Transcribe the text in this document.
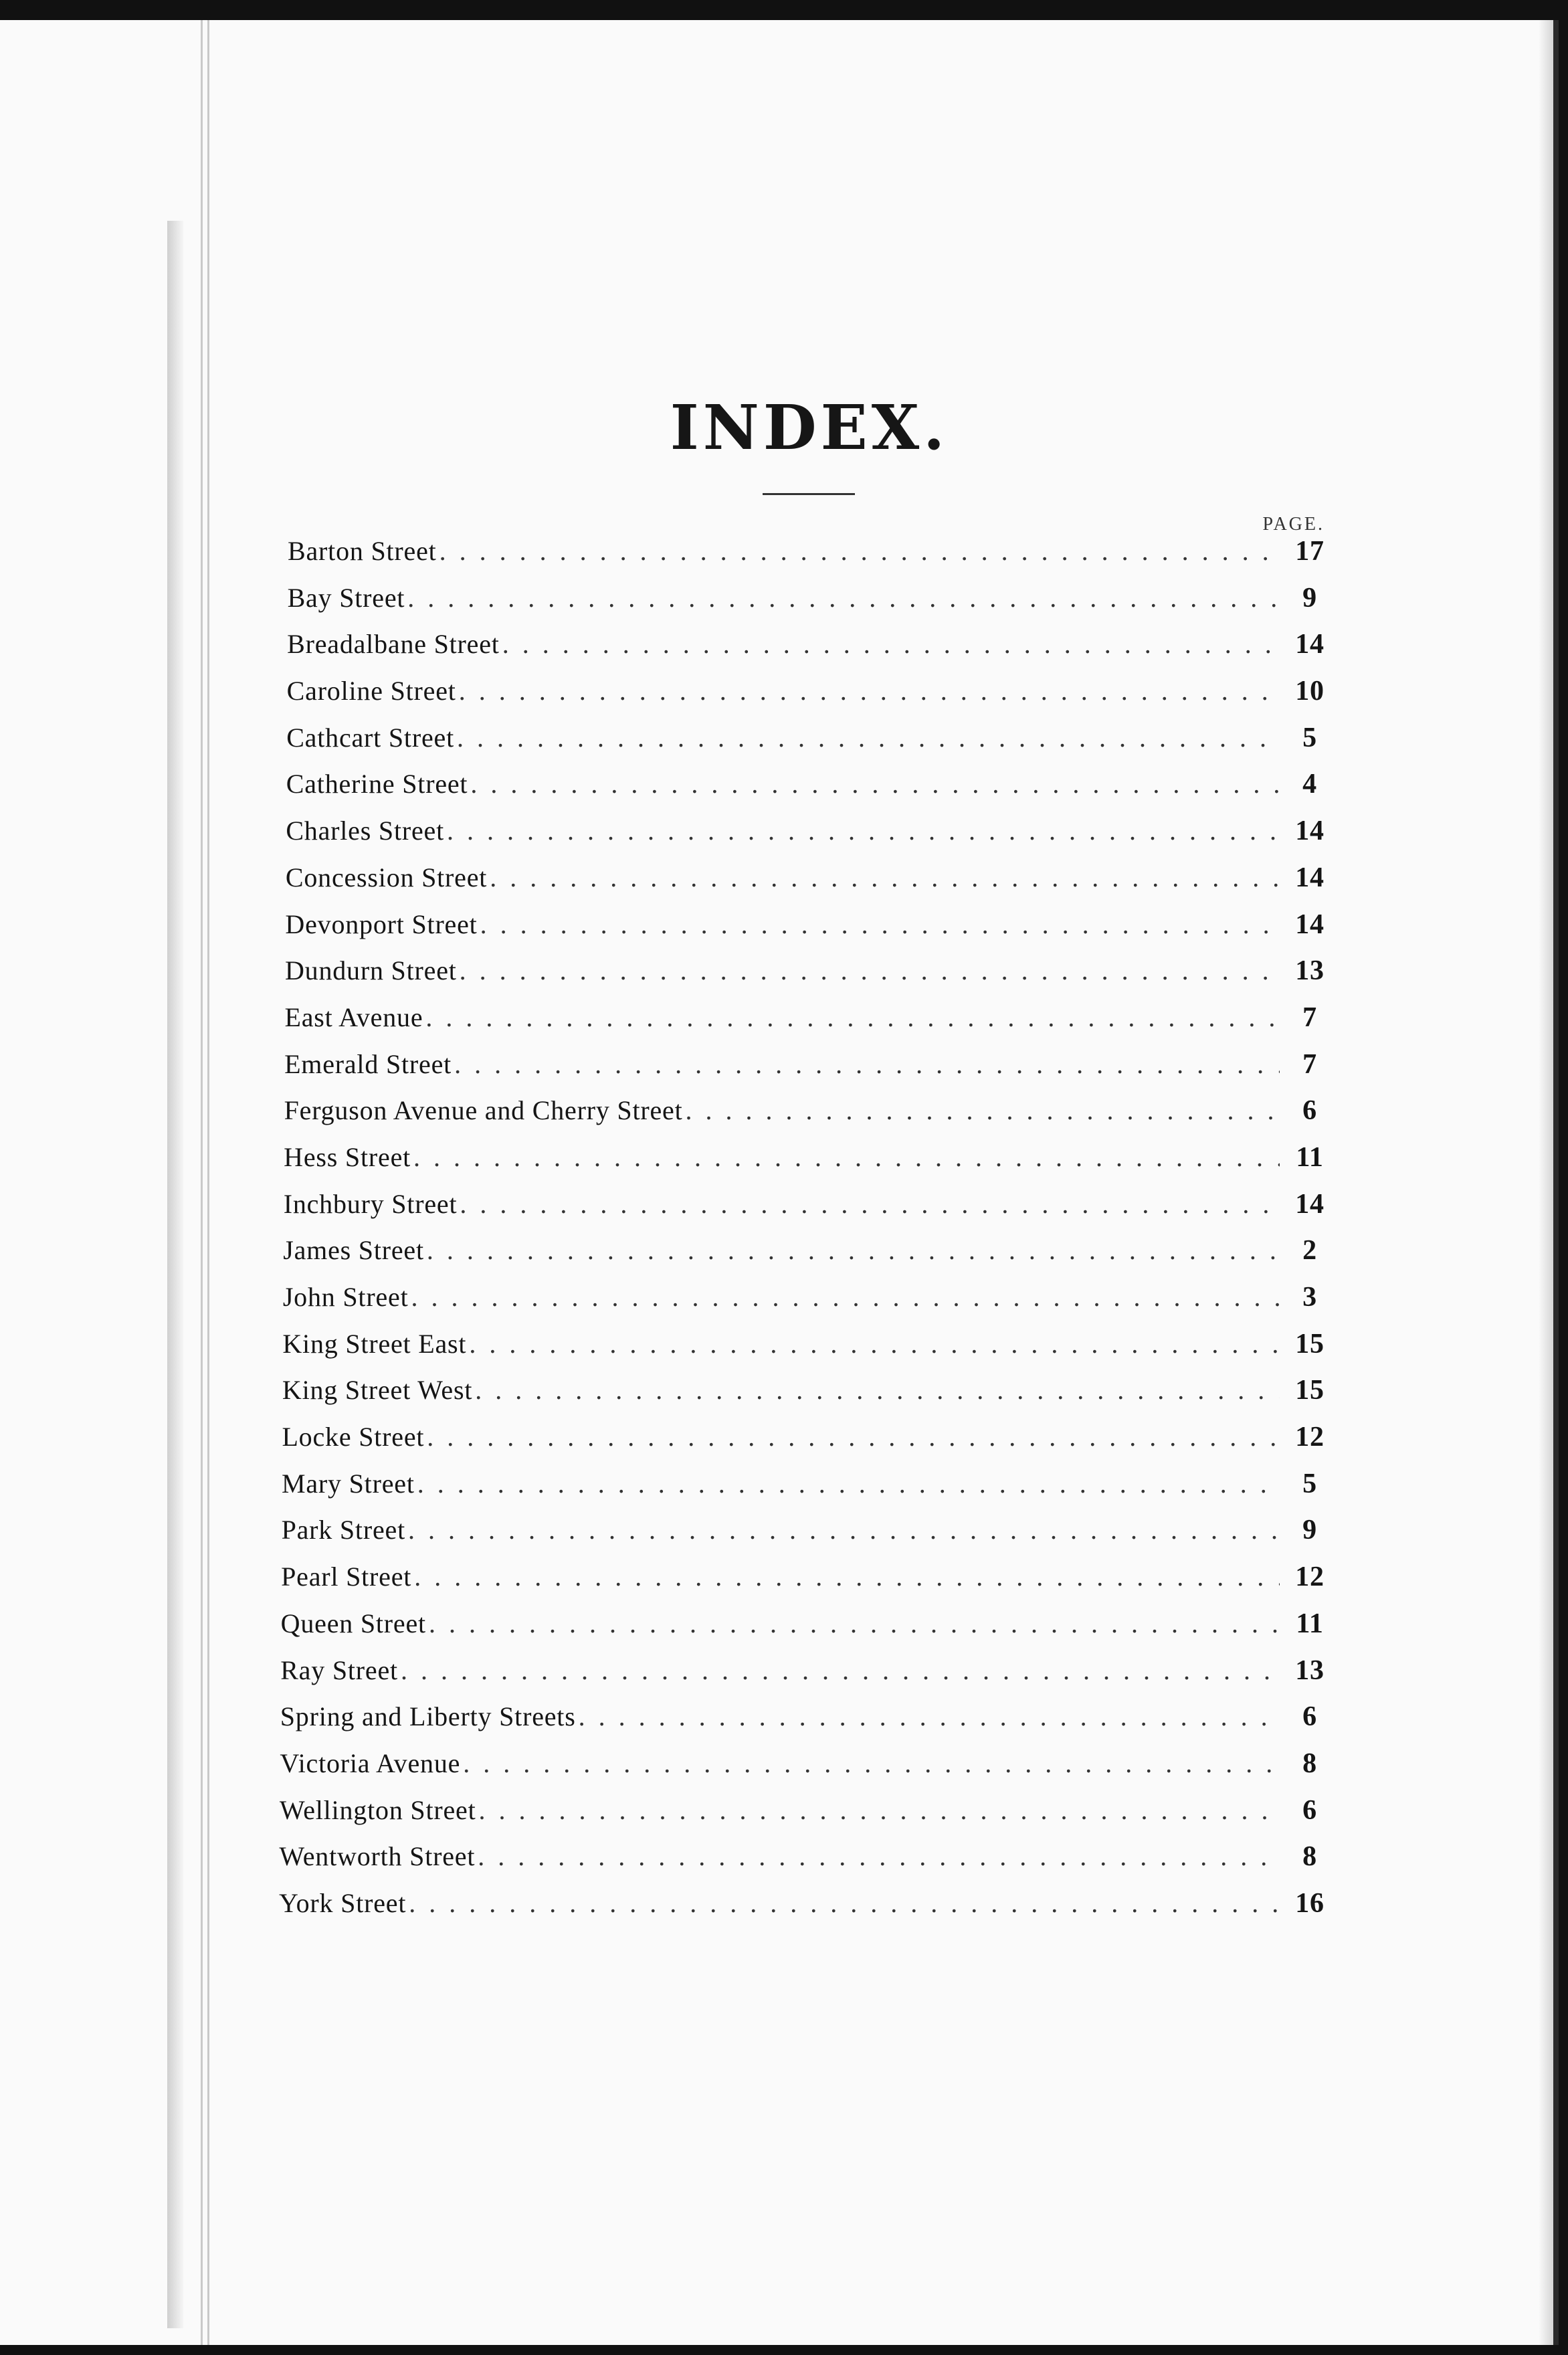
INDEX.
PAGE.
Barton Street . . .	17
Bay Street . . .	9
Breadalbane Street . . .	14
Caroline Street . . .	10
Cathcart Street . . .	5
Catherine Street . . .	4
Charles Street . . .	14
Concession Street . . .	14
Devonport Street . . .	14
Dundurn Street . . .	13
East Avenue . . .	7
Emerald Street . . .	7
Ferguson Avenue and Cherry Street . . .	6
Hess Street . . .	11
Inchbury Street . . .	14
James Street . . .	2
John Street . . .	3
King Street East . . .	15
King Street West . . .	15
Locke Street . . .	12
Mary Street . . .	5
Park Street . . .	9
Pearl Street . . .	12
Queen Street . . .	11
Ray Street . . .	13
Spring and Liberty Streets . . .	6
Victoria Avenue . . .	8
Wellington Street . . .	6
Wentworth Street . . .	8
York Street . . .	16
